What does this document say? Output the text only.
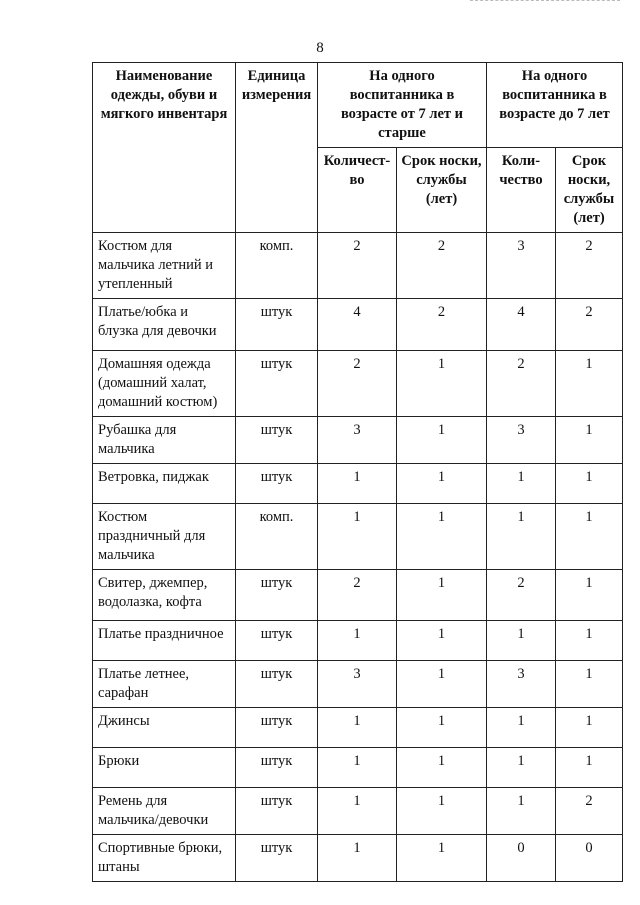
8
Наименование одежды, обуви и мягкого инвентаря	Единица измерения	На одного воспитанника в возрасте от 7 лет и старше		На одного воспитанника в возрасте до 7 лет	
		Количест-во	Срок носки, службы (лет)	Коли-чество	Срок носки, службы (лет)
Костюм для мальчика летний и утепленный	комп.	2	2	3	2
Платье/юбка и блузка для девочки	штук	4	2	4	2
Домашняя одежда (домашний халат, домашний костюм)	штук	2	1	2	1
Рубашка для мальчика	штук	3	1	3	1
Ветровка, пиджак	штук	1	1	1	1
Костюм праздничный для мальчика	комп.	1	1	1	1
Свитер, джемпер, водолазка, кофта	штук	2	1	2	1
Платье праздничное	штук	1	1	1	1
Платье летнее, сарафан	штук	3	1	3	1
Джинсы	штук	1	1	1	1
Брюки	штук	1	1	1	1
Ремень для мальчика/девочки	штук	1	1	1	2
Спортивные брюки, штаны	штук	1	1	0	0
